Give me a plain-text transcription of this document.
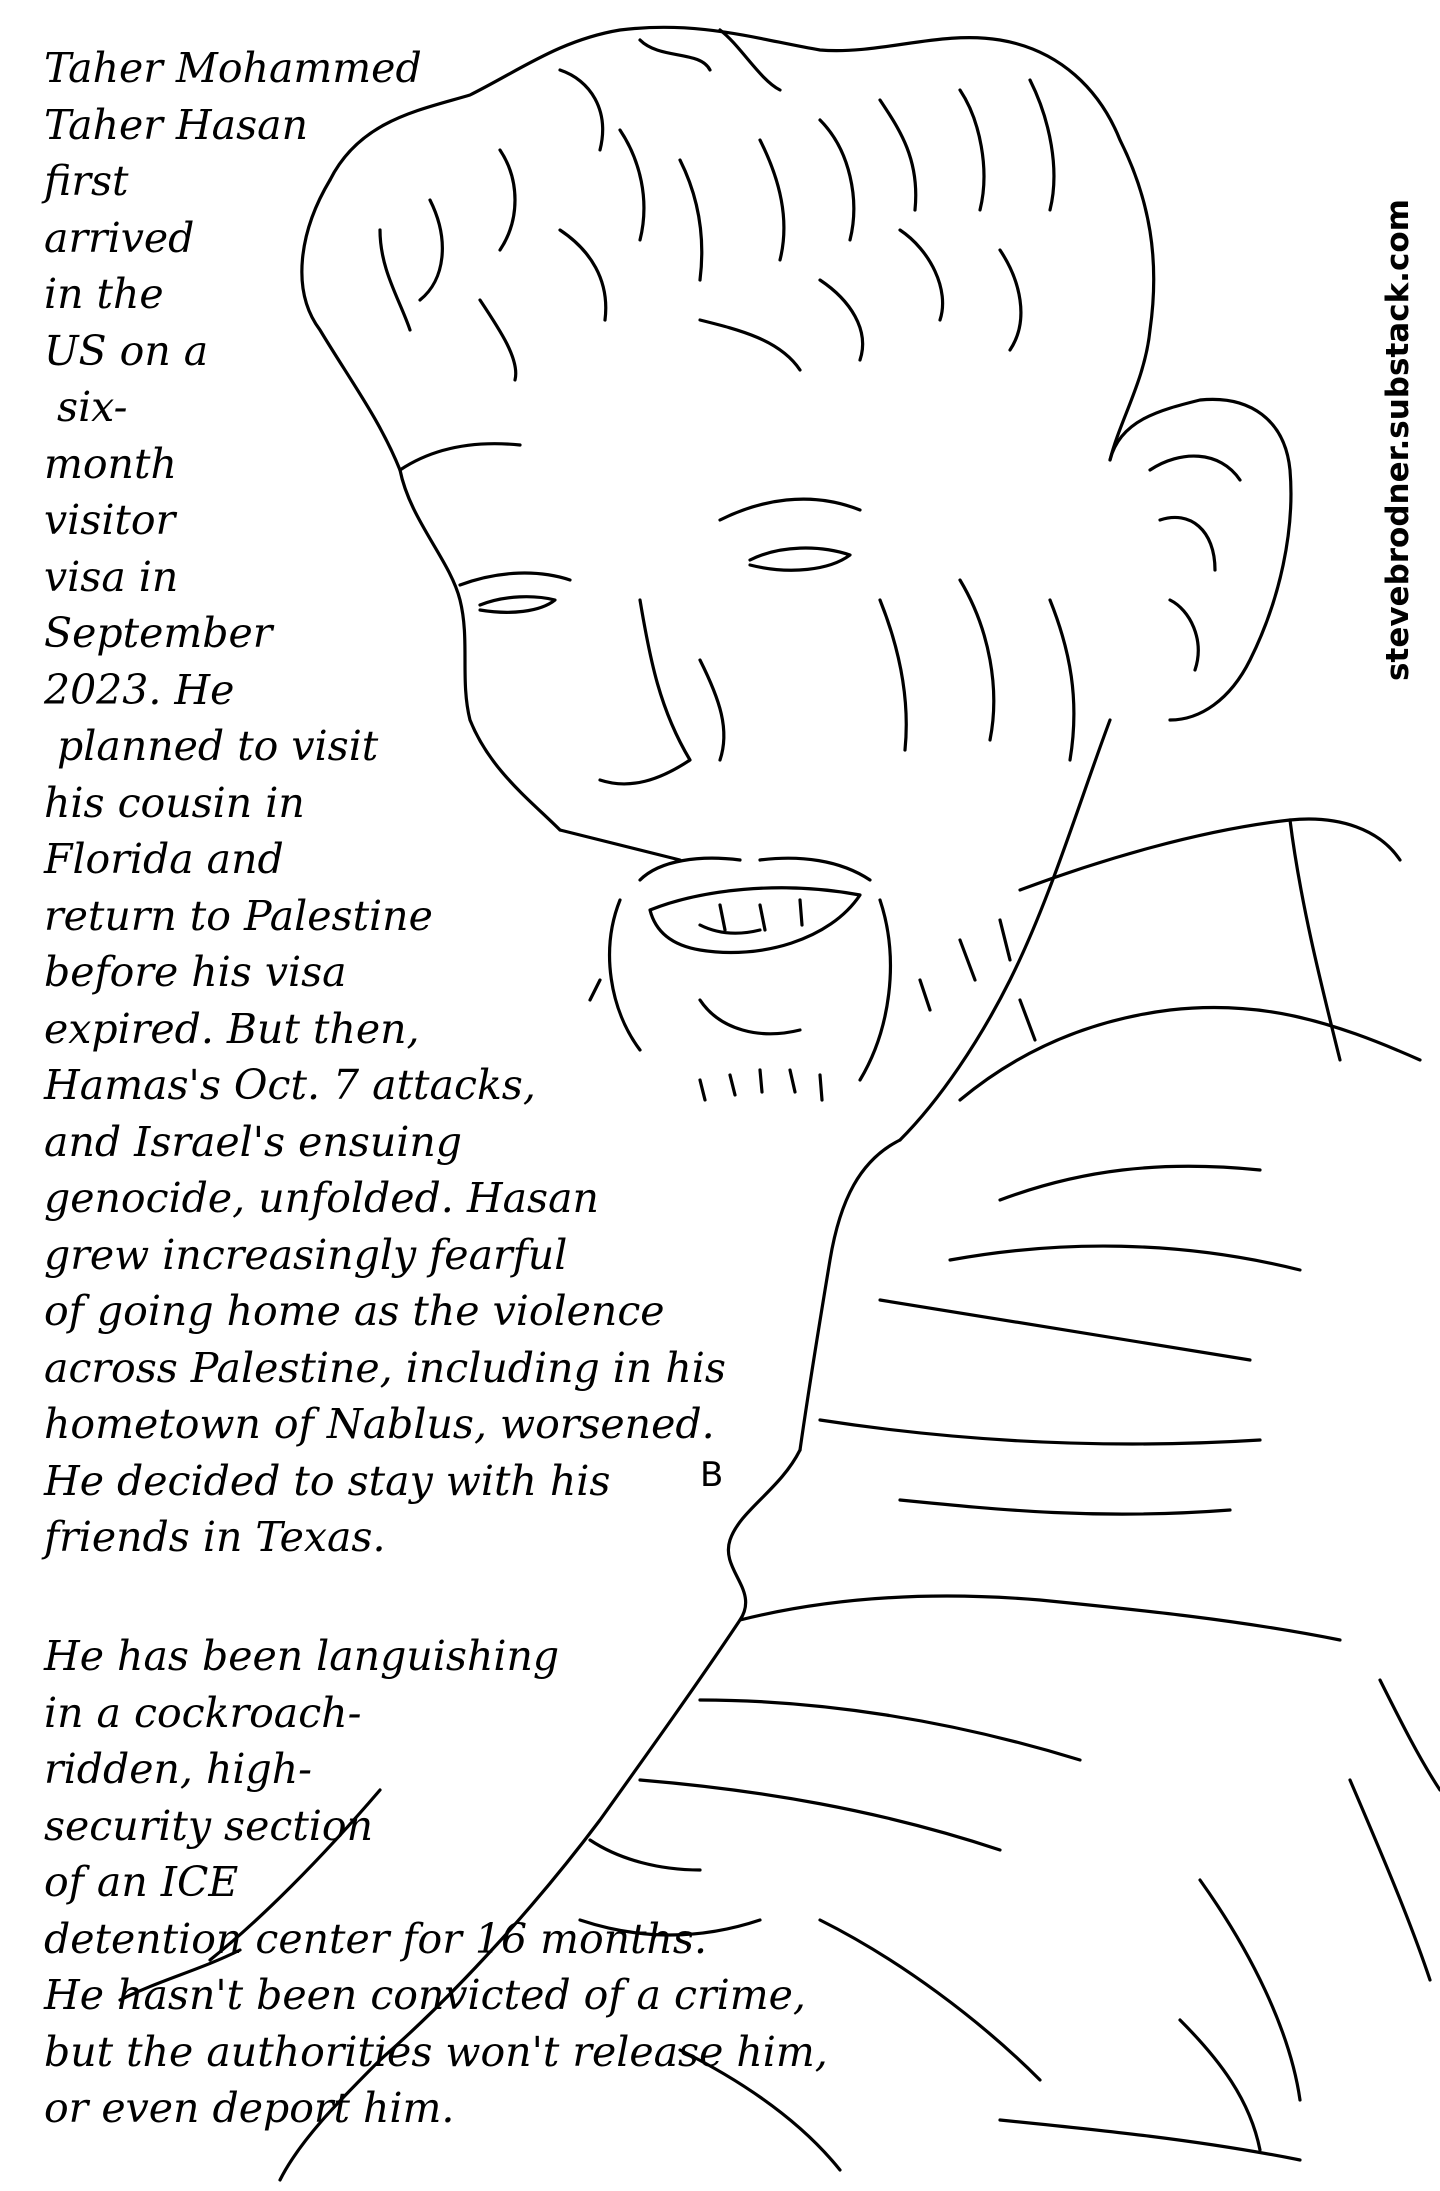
Taher Mohammed
Taher Hasan
first
arrived
in the
US on a
six-
month
visitor
visa in
September
2023. He
planned to visit
his cousin in
Florida and
return to Palestine
before his visa
expired. But then,
Hamas's Oct. 7 attacks,
and Israel's ensuing
genocide, unfolded. Hasan
grew increasingly fearful
of going home as the violence
across Palestine, including in his
hometown of Nablus, worsened.
He decided to stay with his
friends in Texas.
He has been languishing
in a cockroach-
ridden, high-
security section
of an ICE
detention center for 16 months.
He hasn't been convicted of a crime,
but the authorities won't release him,
or even deport him.
B
stevebrodner.substack.com
